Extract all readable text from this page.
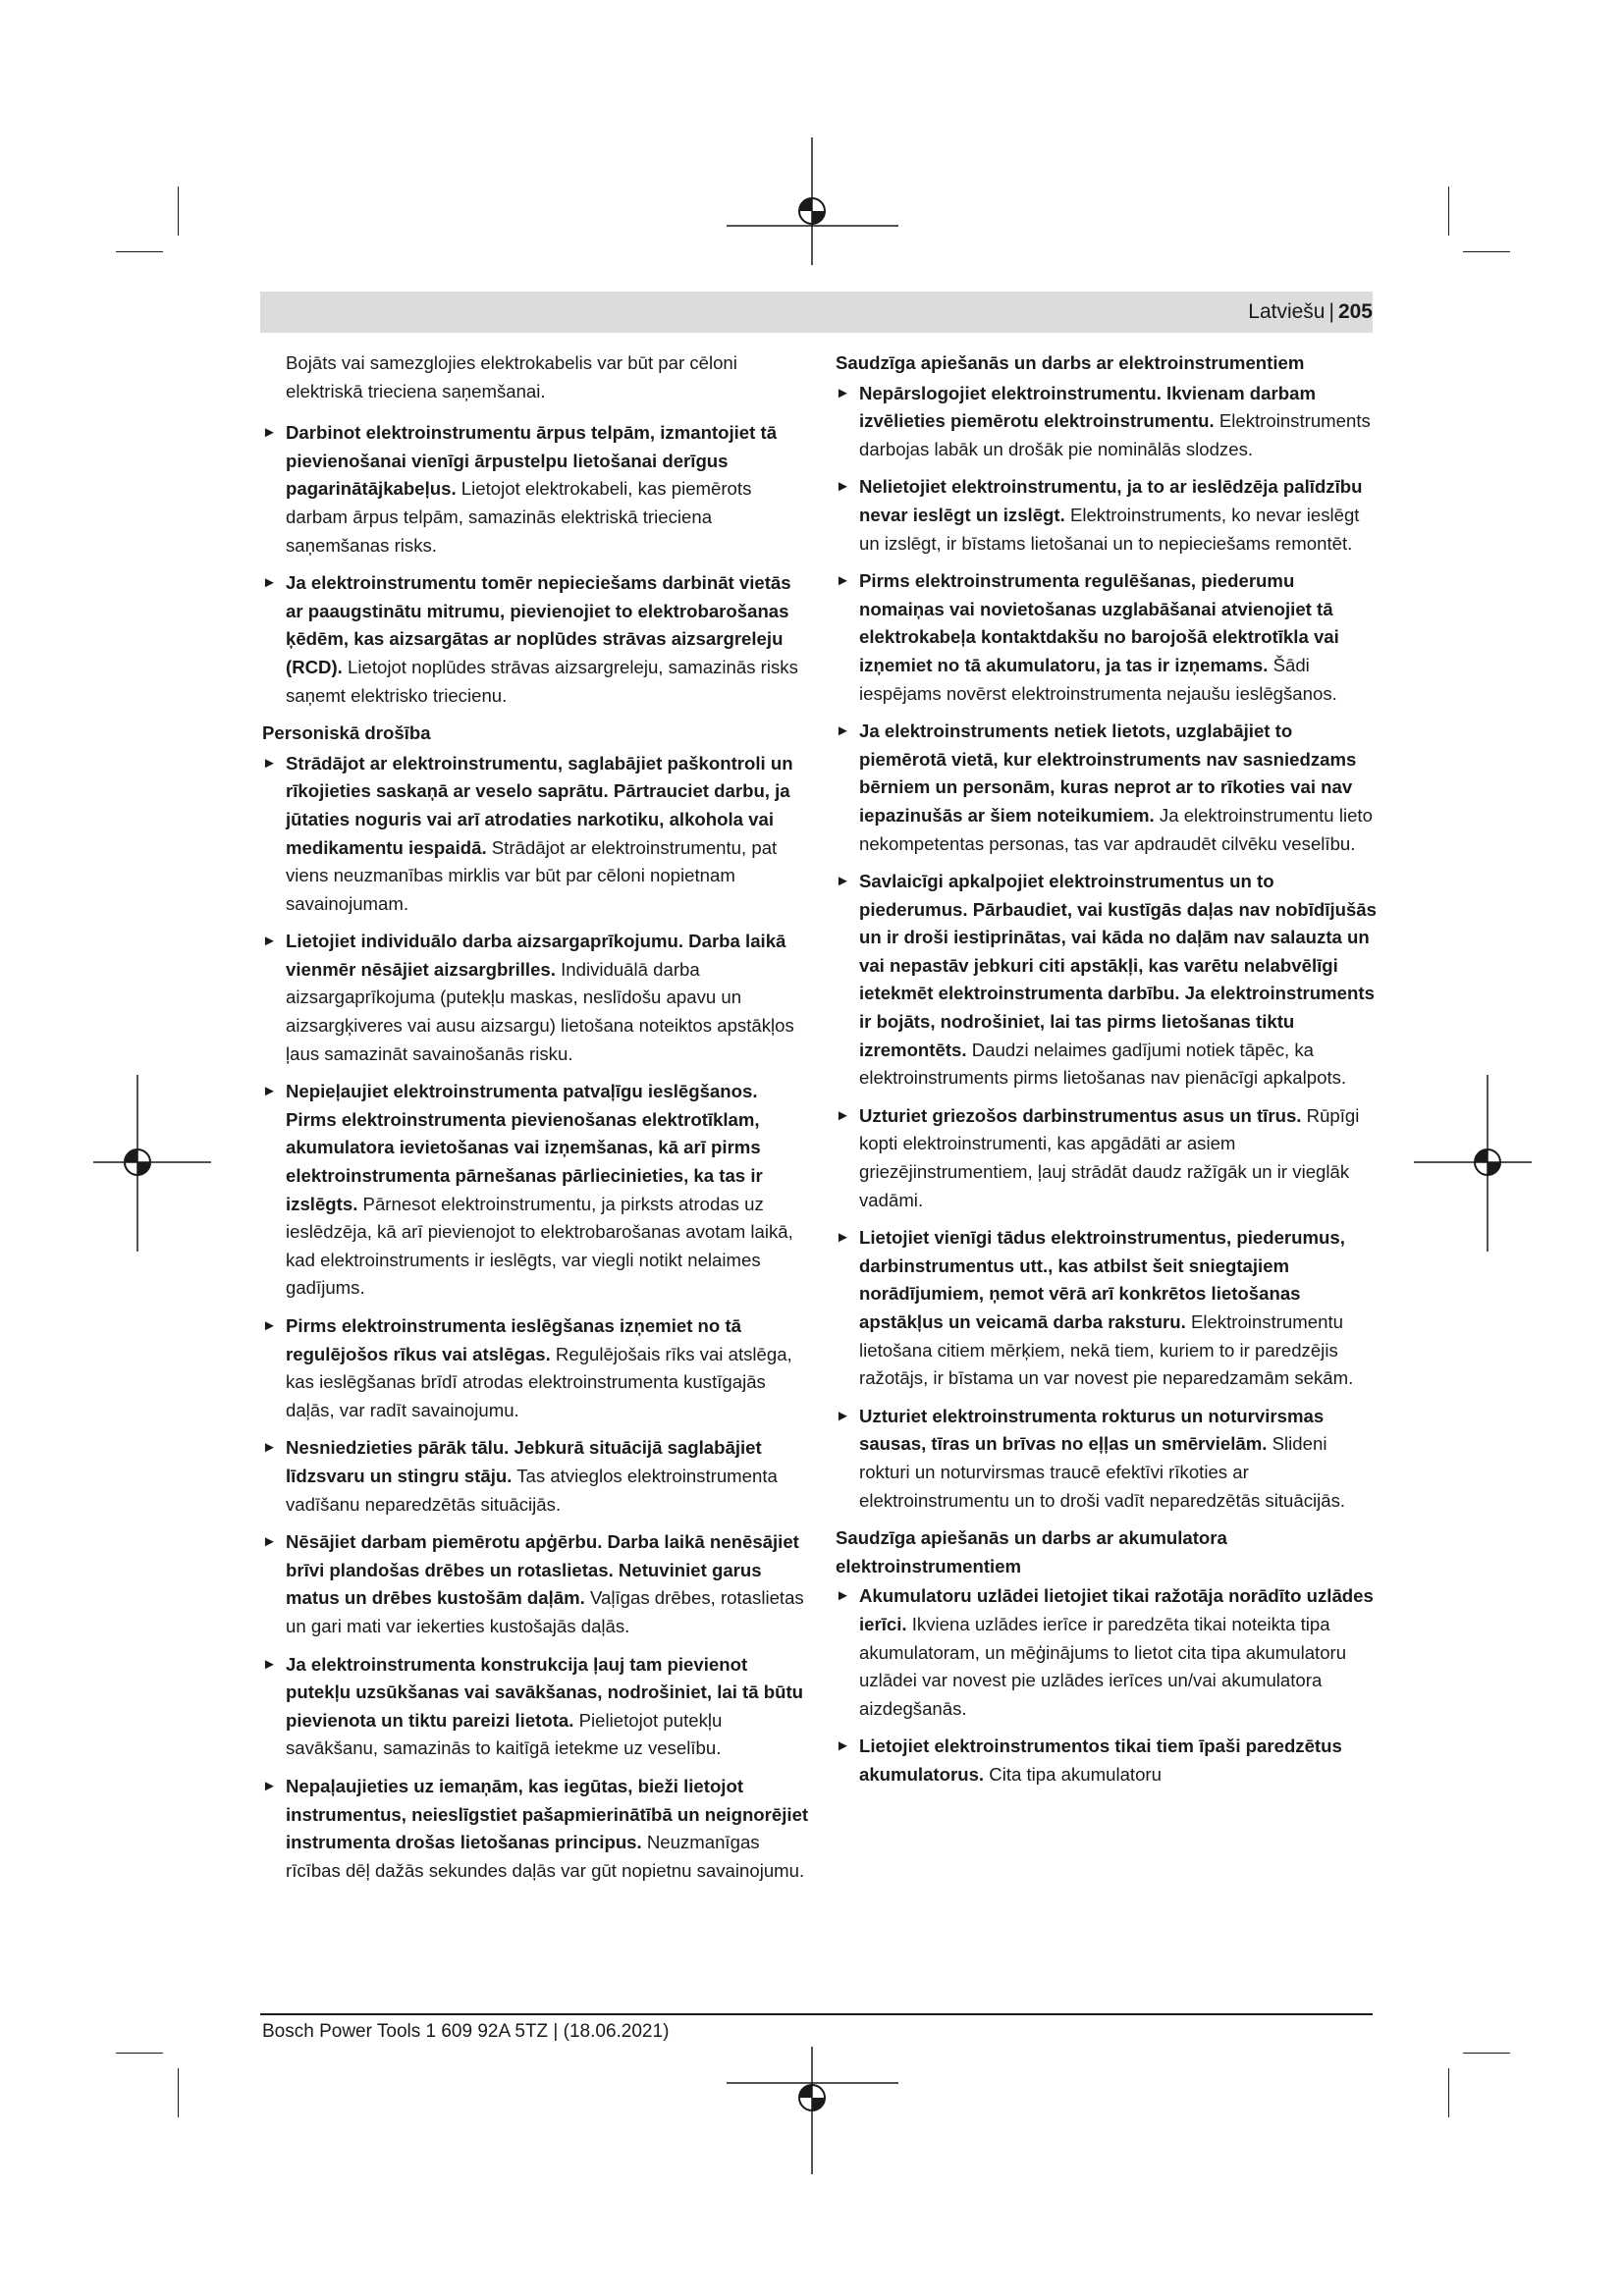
Latviešu | 205
Bojāts vai samezglojies elektrokabelis var būt par cēloni elektriskā trieciena saņemšanai.
► Darbinot elektroinstrumentu ārpus telpām, izmantojiet tā pievienošanai vienīgi ārpustelpu lietošanai derīgus pagarinātājkabeļus. Lietojot elektrokabeli, kas piemērots darbam ārpus telpām, samazinās elektriskā trieciena saņemšanas risks.
► Ja elektroinstrumentu tomēr nepieciešams darbināt vietās ar paaugstinātu mitrumu, pievienojiet to elektrobarošanas ķēdēm, kas aizsargātas ar noplūdes strāvas aizsargreleju (RCD). Lietojot noplūdes strāvas aizsargreleju, samazinās risks saņemt elektrisko triecienu.
Personiskā drošība
► Strādājot ar elektroinstrumentu, saglabājiet paškontroli un rīkojieties saskaņā ar veselo saprātu. Pārtrauciet darbu, ja jūtaties noguris vai arī atrodaties narkotiku, alkohola vai medikamentu iespaidā. Strādājot ar elektroinstrumentu, pat viens neuzmanības mirklis var būt par cēloni nopietnam savainojumam.
► Lietojiet individuālo darba aizsargaprīkojumu. Darba laikā vienmēr nēsājiet aizsargbrilles. Individuālā darba aizsargaprīkojuma (putekļu maskas, neslīdošu apavu un aizsargķiveres vai ausu aizsargu) lietošana noteiktos apstākļos ļaus samazināt savainošanās risku.
► Nepieļaujiet elektroinstrumenta patvaļīgu ieslēgšanos. Pirms elektroinstrumenta pievienošanas elektrotīklam, akumulatora ievietošanas vai izņemšanas, kā arī pirms elektroinstrumenta pārnešanas pārliecinieties, ka tas ir izslēgts. Pārnesot elektroinstrumentu, ja pirksts atrodas uz ieslēdzēja, kā arī pievienojot to elektrobarošanas avotam laikā, kad elektroinstruments ir ieslēgts, var viegli notikt nelaimes gadījums.
► Pirms elektroinstrumenta ieslēgšanas izņemiet no tā regulējošos rīkus vai atslēgas. Regulējošais rīks vai atslēga, kas ieslēgšanas brīdī atrodas elektroinstrumenta kustīgajās daļās, var radīt savainojumu.
► Nesniedzieties pārāk tālu. Jebkurā situācijā saglabājiet līdzsvaru un stingru stāju. Tas atvieglos elektroinstrumenta vadīšanu neparedzētās situācijās.
► Nēsājiet darbam piemērotu apģērbu. Darba laikā nenēsājiet brīvi plandošas drēbes un rotaslietas. Netuviniet garus matus un drēbes kustošām daļām. Vaļīgas drēbes, rotaslietas un gari mati var iekerties kustošajās daļās.
► Ja elektroinstrumenta konstrukcija ļauj tam pievienot putekļu uzsūkšanas vai savākšanas, nodrošiniet, lai tā būtu pievienota un tiktu pareizi lietota. Pielietojot putekļu savākšanu, samazinās to kaitīgā ietekme uz veselību.
► Nepaļaujieties uz iemaņām, kas iegūtas, bieži lietojot instrumentus, neieslīgstiet pašapmierinātībā un neignorējiet instrumenta drošas lietošanas principus. Neuzmanīgas rīcības dēļ dažās sekundes daļās var gūt nopietnu savainojumu.
Saudzīga apiešanās un darbs ar elektroinstrumentiem
► Nepārslogojiet elektroinstrumentu. Ikvienam darbam izvēlieties piemērotu elektroinstrumentu. Elektroinstruments darbojas labāk un drošāk pie nominālās slodzes.
► Nelietojiet elektroinstrumentu, ja to ar ieslēdzēja palīdzību nevar ieslēgt un izslēgt. Elektroinstruments, ko nevar ieslēgt un izslēgt, ir bīstams lietošanai un to nepieciešams remontēt.
► Pirms elektroinstrumenta regulēšanas, piederumu nomaiņas vai novietošanas uzglabāšanai atvienojiet tā elektrokabeļa kontaktdakšu no barojošā elektrotīkla vai izņemiet no tā akumulatoru, ja tas ir izņemams. Šādi iespējams novērst elektroinstrumenta nejaušu ieslēgšanos.
► Ja elektroinstruments netiek lietots, uzglabājiet to piemērotā vietā, kur elektroinstruments nav sasniedzams bērniem un personām, kuras neprot ar to rīkoties vai nav iepazinušās ar šiem noteikumiem. Ja elektroinstrumentu lieto nekompetentas personas, tas var apdraudēt cilvēku veselību.
► Savlaicīgi apkalpojiet elektroinstrumentus un to piederumus. Pārbaudiet, vai kustīgās daļas nav nobīdījušās un ir droši iestiprinātas, vai kāda no daļām nav salauzta un vai nepastāv jebkuri citi apstākļi, kas varētu nelabvēlīgi ietekmēt elektroinstrumenta darbību. Ja elektroinstruments ir bojāts, nodrošiniet, lai tas pirms lietošanas tiktu izremontēts. Daudzi nelaimes gadījumi notiek tāpēc, ka elektroinstruments pirms lietošanas nav pienācīgi apkalpots.
► Uzturiet griezošos darbinstrumentus asus un tīrus. Rūpīgi kopti elektroinstrumenti, kas apgādāti ar asiem griezējinstrumentiem, ļauj strādāt daudz ražīgāk un ir vieglāk vadāmi.
► Lietojiet vienīgi tādus elektroinstrumentus, piederumus, darbinstrumentus utt., kas atbilst šeit sniegtajiem norādījumiem, ņemot vērā arī konkrētos lietošanas apstākļus un veicamā darba raksturu. Elektroinstrumentu lietošana citiem mērķiem, nekā tiem, kuriem to ir paredzējis ražotājs, ir bīstama un var novest pie neparedzamām sekām.
► Uzturiet elektroinstrumenta rokturus un noturvirsmas sausas, tīras un brīvas no eļļas un smērvielām. Slideni rokturi un noturvirsmas traucē efektīvi rīkoties ar elektroinstrumentu un to droši vadīt neparedzētās situācijās.
Saudzīga apiešanās un darbs ar akumulatora elektroinstrumentiem
► Akumulatoru uzlādei lietojiet tikai ražotāja norādīto uzlādes ierīci. Ikviena uzlādes ierīce ir paredzēta tikai noteikta tipa akumulatoram, un mēģinājums to lietot cita tipa akumulatoru uzlādei var novest pie uzlādes ierīces un/vai akumulatora aizdegšanās.
► Lietojiet elektroinstrumentos tikai tiem īpaši paredzētus akumulatorus. Cita tipa akumulatoru
Bosch Power Tools 1 609 92A 5TZ | (18.06.2021)
